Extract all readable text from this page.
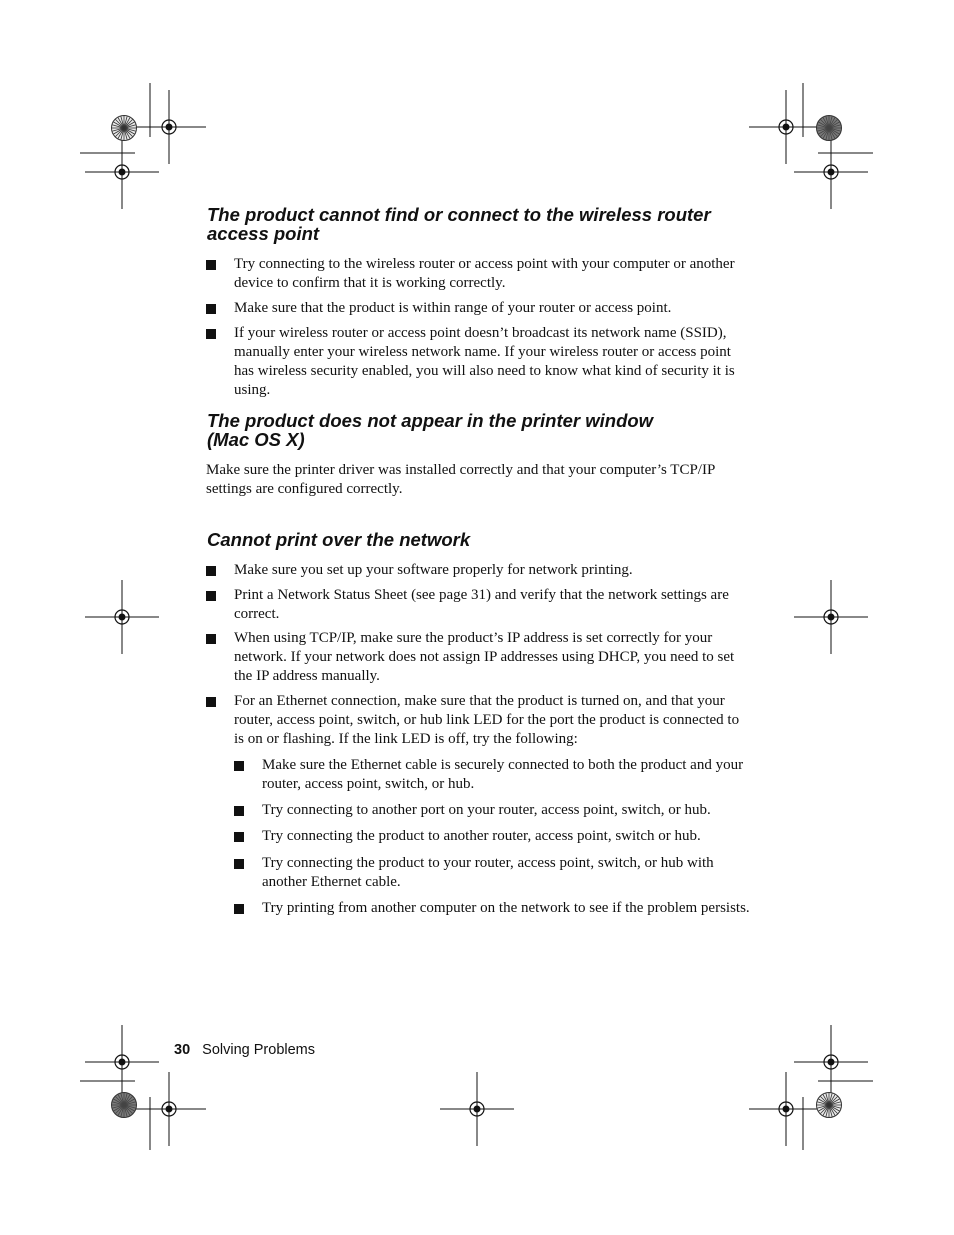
The product cannot find or connect to the wireless router
access point
Try connecting to the wireless router or access point with your computer or another device to confirm that it is working correctly.
Make sure that the product is within range of your router or access point.
If your wireless router or access point doesn’t broadcast its network name (SSID), manually enter your wireless network name. If your wireless router or access point has wireless security enabled, you will also need to know what kind of security it is using.
The product does not appear in the printer window
(Mac OS X)

Make sure the printer driver was installed correctly and that your computer’s TCP/IP settings are configured correctly.

Cannot print over the network
Make sure you set up your software properly for network printing.
Print a Network Status Sheet (see page 31) and verify that the network settings are correct.
When using TCP/IP, make sure the product’s IP address is set correctly for your network. If your network does not assign IP addresses using DHCP, you need to set the IP address manually.
For an Ethernet connection, make sure that the product is turned on, and that your router, access point, switch, or hub link LED for the port the product is connected to is on or flashing. If the link LED is off, try the following:
Make sure the Ethernet cable is securely connected to both the product and your router, access point, switch, or hub.
Try connecting to another port on your router, access point, switch, or hub.
Try connecting the product to another router, access point, switch or hub.
Try connecting the product to your router, access point, switch, or hub with another Ethernet cable.
Try printing from another computer on the network to see if the problem persists.
30 Solving Problems
